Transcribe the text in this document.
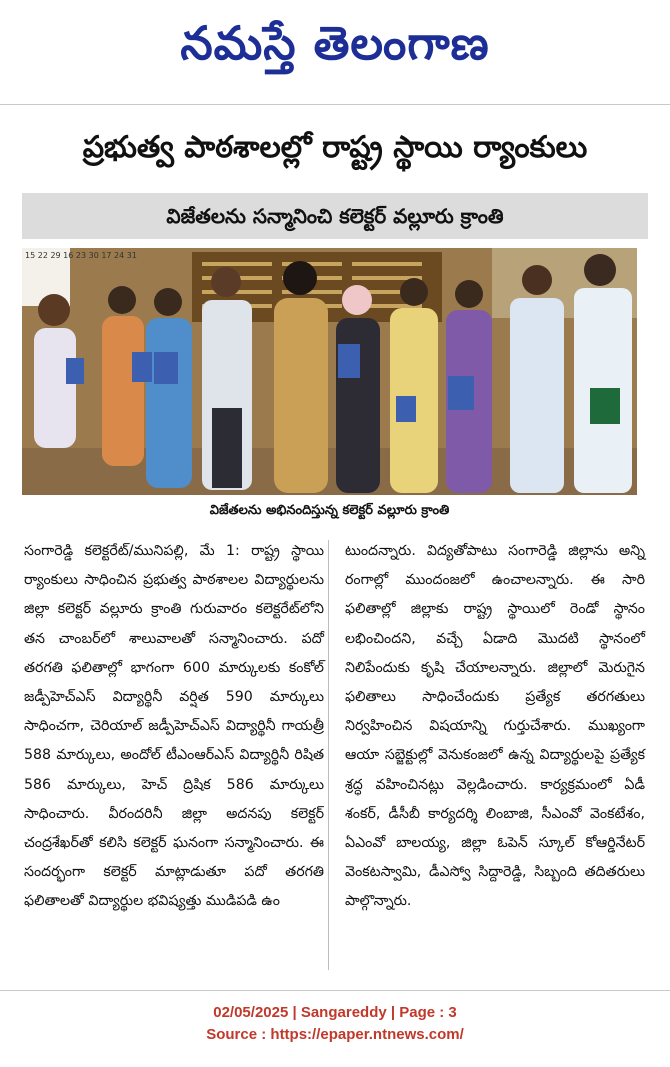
నమస్తే తెలంగాణ
ప్రభుత్వ పాఠశాలల్లో రాష్ట్ర స్థాయి ర్యాంకులు
విజేతలను సన్మానించి కలెక్టర్ వల్లూరు క్రాంతి
15 22 29 16 23 30 17 24 31
విజేతలను అభినందిస్తున్న కలెక్టర్ వల్లూరు క్రాంతి
సంగారెడ్డి కలెక్టరేట్/మునిపల్లి, మే 1: రాష్ట్ర స్థాయి ర్యాంకులు సాధించిన ప్రభుత్వ పాఠశాలల విద్యార్థులను జిల్లా కలెక్టర్ వల్లూరు క్రాంతి గురువారం కలెక్టరేట్‌లోని తన చాంబర్‌లో శాలువాలతో సన్మానించారు. పదో తరగతి ఫలితాల్లో భాగంగా 600 మార్కులకు కంకోల్ జడ్పీహెచ్ఎస్ విద్యార్థినీ వర్షిత 590 మార్కులు సాధించగా, చెరియాల్ జడ్పీహెచ్ఎస్ విద్యార్థినీ గాయత్రీ 588 మార్కులు, అందోల్ టీఎంఆర్ఎస్ విద్యార్థినీ రిషిత 586 మార్కులు, హెచ్ ద్రిషిక 586 మార్కులు సాధించారు. వీరందరినీ జిల్లా అదనపు కలెక్టర్ చంద్రశేఖర్‌తో కలిసి కలెక్టర్ ఘనంగా సన్మానించారు. ఈ సందర్భంగా కలెక్టర్ మాట్లాడుతూ పదో తరగతి ఫలితాలతో విద్యార్థుల భవిష్యత్తు ముడిపడి ఉం
టుందన్నారు. విద్యతోపాటు సంగారెడ్డి జిల్లాను అన్ని రంగాల్లో ముందంజలో ఉంచాలన్నారు. ఈ సారి ఫలితాల్లో జిల్లాకు రాష్ట్ర స్థాయిలో రెండో స్థానం లభించిందని, వచ్చే ఏడాది మొదటి స్థానంలో నిలిపేందుకు కృషి చేయాలన్నారు. జిల్లాలో మెరుగైన ఫలితాలు సాధించేందుకు ప్రత్యేక తరగతులు నిర్వహించిన విషయాన్ని గుర్తుచేశారు. ముఖ్యంగా ఆయా సబ్జెక్టుల్లో వెనుకంజలో ఉన్న విద్యార్థులపై ప్రత్యేక శ్రద్ధ వహించినట్లు వెల్లడించారు. కార్యక్రమంలో ఏడీ శంకర్, డీసీబీ కార్యదర్శి లింబాజి, సీఎంవో వెంకటేశం, ఏఎంవో బాలయ్య, జిల్లా ఓపెన్ స్కూల్ కోఆర్డినేటర్ వెంకటస్వామి, డీఎస్వో సిద్దారెడ్డి, సిబ్బంది తదితరులు పాల్గొన్నారు.
02/05/2025 | Sangareddy | Page : 3
Source : https://epaper.ntnews.com/
